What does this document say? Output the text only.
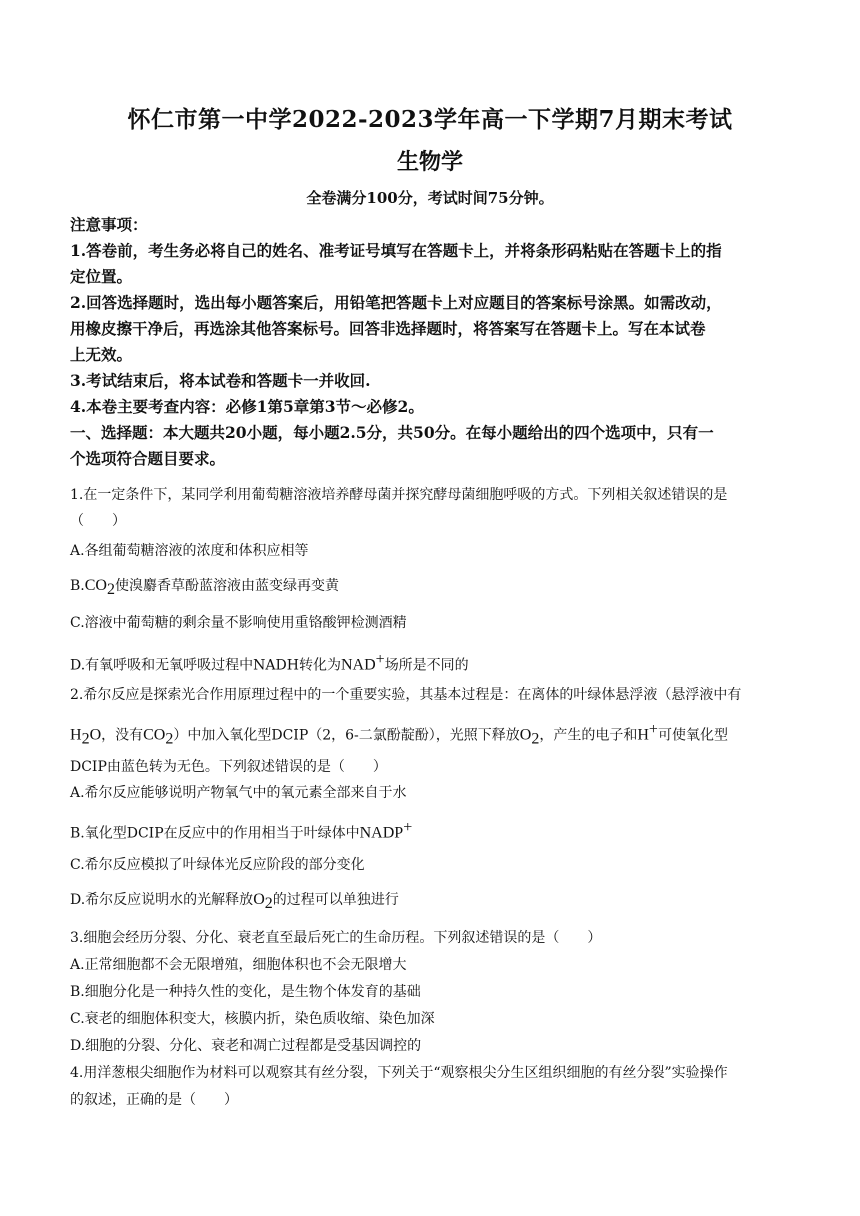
怀仁市第一中学2022-2023学年高一下学期7月期末考试
生物学
全卷满分100分，考试时间75分钟。
注意事项：
1.答卷前，考生务必将自己的姓名、准考证号填写在答题卡上，并将条形码粘贴在答题卡上的指
定位置。
2.回答选择题时，选出每小题答案后，用铅笔把答题卡上对应题目的答案标号涂黑。如需改动，
用橡皮擦干净后，再选涂其他答案标号。回答非选择题时，将答案写在答题卡上。写在本试卷
上无效。
3.考试结束后，将本试卷和答题卡一并收回.
4.本卷主要考查内容：必修1第5章第3节～必修2。
一、选择题：本大题共20小题，每小题2.5分，共50分。在每小题给出的四个选项中，只有一
个选项符合题目要求。
1.在一定条件下，某同学利用葡萄糖溶液培养酵母菌并探究酵母菌细胞呼吸的方式。下列相关叙述错误的是
（　　）
A.各组葡萄糖溶液的浓度和体积应相等
$B.CO_2$使溴麝香草酚蓝溶液由蓝变绿再变黄
C.溶液中葡萄糖的剩余量不影响使用重铬酸钾检测酒精
D.有氧呼吸和无氧呼吸过程中NADH转化为NAD+场所是不同的
2.希尔反应是探索光合作用原理过程中的一个重要实验，其基本过程是：在离体的叶绿体悬浮液（悬浮液中有
$H_2O$，没有$CO_2$）中加入氧化型DCIP（2，6-二氯酚靛酚），光照下释放$O_2$，产生的电子和H+可使氧化型
DCIP由蓝色转为无色。下列叙述错误的是（　　）
A.希尔反应能够说明产物氧气中的氧元素全部来自于水
B.氧化型DCIP在反应中的作用相当于叶绿体中NADP+
C.希尔反应模拟了叶绿体光反应阶段的部分变化
D.希尔反应说明水的光解释放$O_2$的过程可以单独进行
3.细胞会经历分裂、分化、衰老直至最后死亡的生命历程。下列叙述错误的是（　　）
A.正常细胞都不会无限增殖，细胞体积也不会无限增大
B.细胞分化是一种持久性的变化，是生物个体发育的基础
C.衰老的细胞体积变大，核膜内折，染色质收缩、染色加深
D.细胞的分裂、分化、衰老和凋亡过程都是受基因调控的
4.用洋葱根尖细胞作为材料可以观察其有丝分裂，下列关于“观察根尖分生区组织细胞的有丝分裂”实验操作
的叙述，正确的是（　　）
